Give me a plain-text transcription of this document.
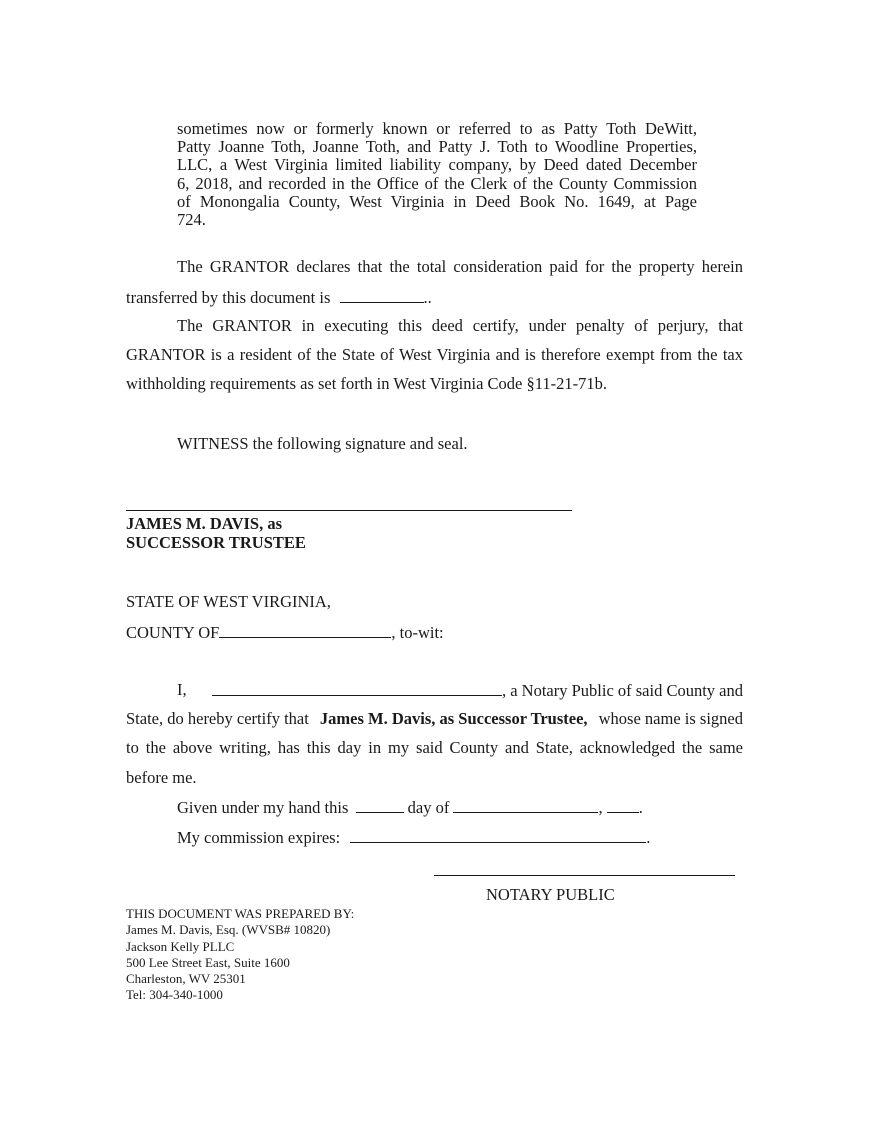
sometimes now or formerly known or referred to as Patty Toth DeWitt,
Patty Joanne Toth, Joanne Toth, and Patty J. Toth to Woodline Properties,
LLC, a West Virginia limited liability company, by Deed dated December
6, 2018, and recorded in the Office of the Clerk of the County Commission
of Monongalia County, West Virginia in Deed Book No. 1649, at Page
724.
The GRANTOR declares that the total consideration paid for the property herein
transferred by this document is	..
The GRANTOR in executing this deed certify, under penalty of perjury, that
GRANTOR is a resident of the State of West Virginia and is therefore exempt from the tax
withholding requirements as set forth in West Virginia Code §11-21-71b.
WITNESS the following signature and seal.
JAMES M. DAVIS, as
SUCCESSOR TRUSTEE
STATE OF WEST VIRGINIA,
COUNTY OF	, to-wit:
I,	, a Notary Public of said County and
State, do hereby certify that James M. Davis, as Successor Trustee, whose name is signed
to the above writing, has this day in my said County and State, acknowledged the same
before me.
Given under my hand this	day of	, .
My commission expires:	.
NOTARY PUBLIC
THIS DOCUMENT WAS PREPARED BY:
James M. Davis, Esq. (WVSB# 10820)
Jackson Kelly PLLC
500 Lee Street East, Suite 1600
Charleston, WV 25301
Tel: 304-340-1000
